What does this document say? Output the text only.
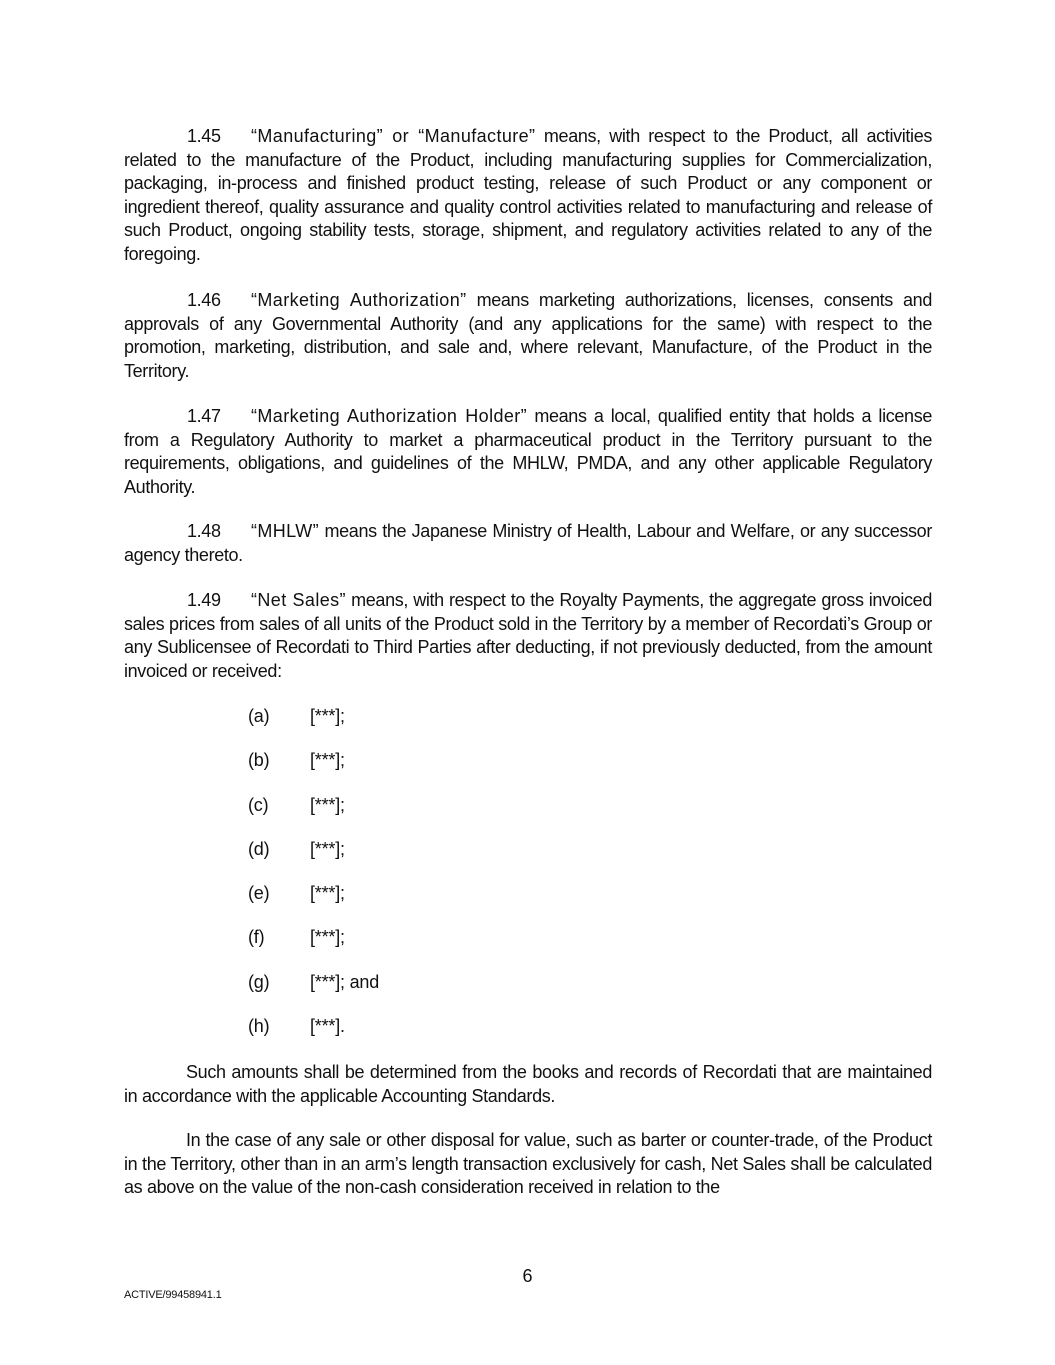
1.45 “Manufacturing” or “Manufacture” means, with respect to the Product, all activities related to the manufacture of the Product, including manufacturing supplies for Commercialization, packaging, in-process and finished product testing, release of such Product or any component or ingredient thereof, quality assurance and quality control activities related to manufacturing and release of such Product, ongoing stability tests, storage, shipment, and regulatory activities related to any of the foregoing.

1.46 “Marketing Authorization” means marketing authorizations, licenses, consents and approvals of any Governmental Authority (and any applications for the same) with respect to the promotion, marketing, distribution, and sale and, where relevant, Manufacture, of the Product in the Territory.

1.47 “Marketing Authorization Holder” means a local, qualified entity that holds a license from a Regulatory Authority to market a pharmaceutical product in the Territory pursuant to the requirements, obligations, and guidelines of the MHLW, PMDA, and any other applicable Regulatory Authority.

1.48 “MHLW” means the Japanese Ministry of Health, Labour and Welfare, or any successor agency thereto.

1.49 “Net Sales” means, with respect to the Royalty Payments, the aggregate gross invoiced sales prices from sales of all units of the Product sold in the Territory by a member of Recordati’s Group or any Sublicensee of Recordati to Third Parties after deducting, if not previously deducted, from the amount invoiced or received:

(a)	[***];
(b)	[***];
(c)	[***];
(d)	[***];
(e)	[***];
(f)	[***];
(g)	[***]; and
(h)	[***].

Such amounts shall be determined from the books and records of Recordati that are maintained in accordance with the applicable Accounting Standards.

In the case of any sale or other disposal for value, such as barter or counter-trade, of the Product in the Territory, other than in an arm’s length transaction exclusively for cash, Net Sales shall be calculated as above on the value of the non-cash consideration received in relation to the

6
ACTIVE/99458941.1
